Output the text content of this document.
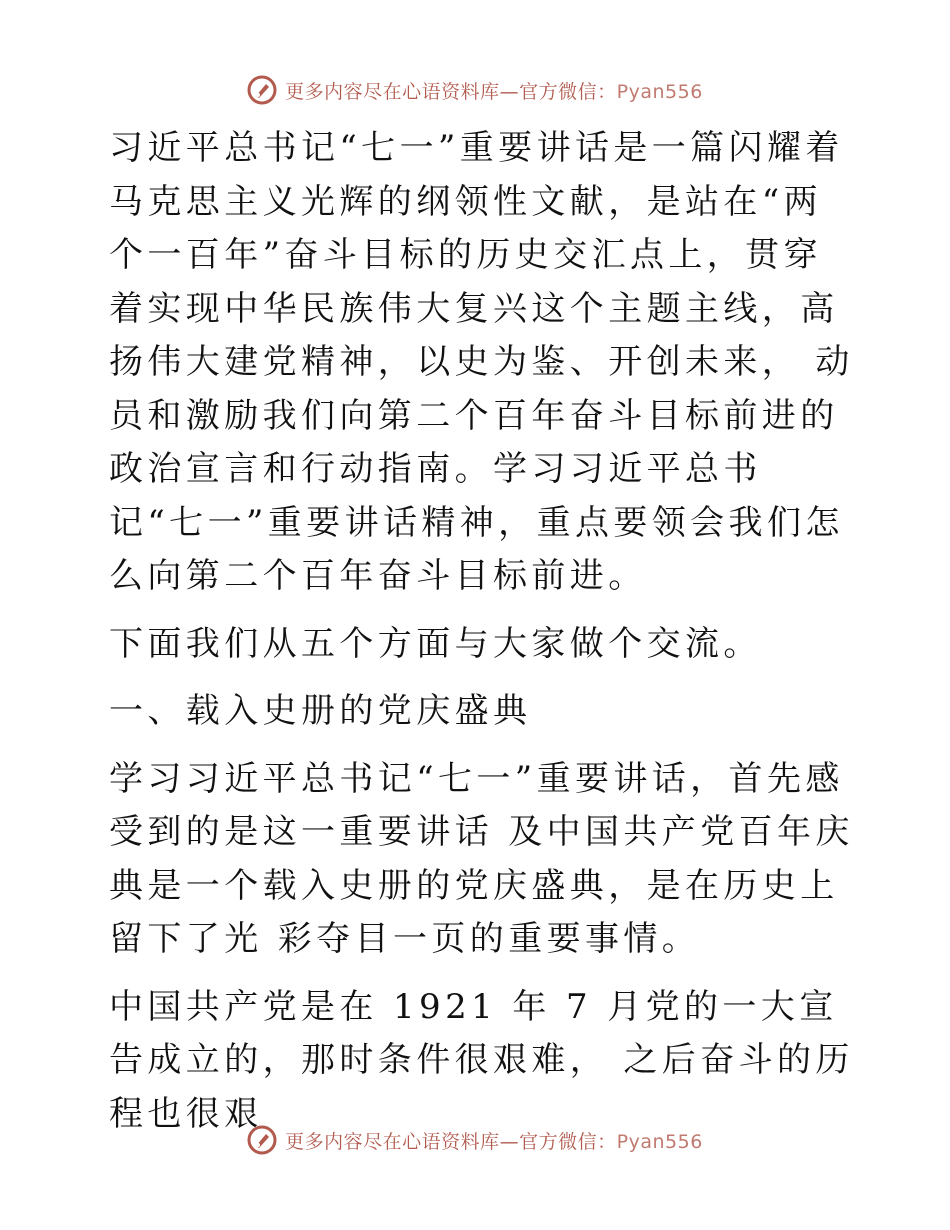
更多内容尽在心语资料库—官方微信：Pyan556

习近平总书记“七一”重要讲话是一篇闪耀着马克思主义光辉的纲领性文献，是站在“两个一百年”奋斗目标的历史交汇点上，贯穿着实现中华民族伟大复兴这个主题主线，高扬伟大建党精神，以史为鉴、开创未来， 动员和激励我们向第二个百年奋斗目标前进的政治宣言和行动指南。学习习近平总书记“七一”重要讲话精神，重点要领会我们怎么向第二个百年奋斗目标前进。

下面我们从五个方面与大家做个交流。

一、载入史册的党庆盛典

学习习近平总书记“七一”重要讲话，首先感受到的是这一重要讲话 及中国共产党百年庆典是一个载入史册的党庆盛典，是在历史上留下了光 彩夺目一页的重要事情。

中国共产党是在 1921 年 7 月党的一大宣告成立的，那时条件很艰难， 之后奋斗的历程也很艰

更多内容尽在心语资料库—官方微信：Pyan556
